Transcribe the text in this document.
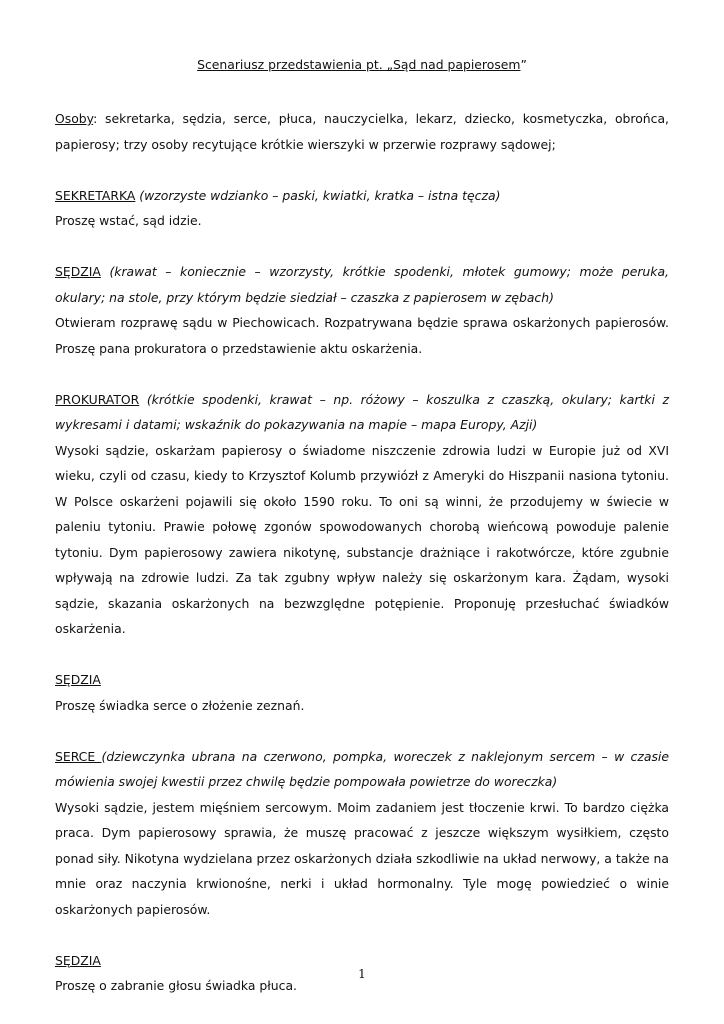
Scenariusz przedstawienia pt. „Sąd nad papierosem”

Osoby: sekretarka, sędzia, serce, płuca, nauczycielka, lekarz, dziecko, kosmetyczka, obrońca, papierosy; trzy osoby recytujące krótkie wierszyki w przerwie rozprawy sądowej;

SEKRETARKA (wzorzyste wdzianko – paski, kwiatki, kratka – istna tęcza)

Proszę wstać, sąd idzie.

SĘDZIA (krawat – koniecznie – wzorzysty, krótkie spodenki, młotek gumowy; może peruka, okulary; na stole, przy którym będzie siedział – czaszka z papierosem w zębach)

Otwieram rozprawę sądu w Piechowicach. Rozpatrywana będzie sprawa oskarżonych papierosów. Proszę pana prokuratora o przedstawienie aktu oskarżenia.

PROKURATOR (krótkie spodenki, krawat – np. różowy – koszulka z czaszką, okulary; kartki z wykresami i datami; wskaźnik do pokazywania na mapie – mapa Europy, Azji)

Wysoki sądzie, oskarżam papierosy o świadome niszczenie zdrowia ludzi w Europie już od XVI wieku, czyli od czasu, kiedy to Krzysztof Kolumb przywiózł z Ameryki do Hiszpanii nasiona tytoniu. W Polsce oskarżeni pojawili się około 1590 roku. To oni są winni, że przodujemy w świecie w paleniu tytoniu. Prawie połowę zgonów spowodowanych chorobą wieńcową powoduje palenie tytoniu. Dym papierosowy zawiera nikotynę, substancje drażniące i rakotwórcze, które zgubnie wpływają na zdrowie ludzi. Za tak zgubny wpływ należy się oskarżonym kara. Żądam, wysoki sądzie, skazania oskarżonych na bezwzględne potępienie. Proponuję przesłuchać świadków oskarżenia.

SĘDZIA

Proszę świadka serce o złożenie zeznań.

SERCE (dziewczynka ubrana na czerwono, pompka, woreczek z naklejonym sercem – w czasie mówienia swojej kwestii przez chwilę będzie pompowała powietrze do woreczka)

Wysoki sądzie, jestem mięśniem sercowym. Moim zadaniem jest tłoczenie krwi. To bardzo ciężka praca. Dym papierosowy sprawia, że muszę pracować z jeszcze większym wysiłkiem, często ponad siły. Nikotyna wydzielana przez oskarżonych działa szkodliwie na układ nerwowy, a także na mnie oraz naczynia krwionośne, nerki i układ hormonalny. Tyle mogę powiedzieć o winie oskarżonych papierosów.

SĘDZIA

Proszę o zabranie głosu świadka płuca.

1
